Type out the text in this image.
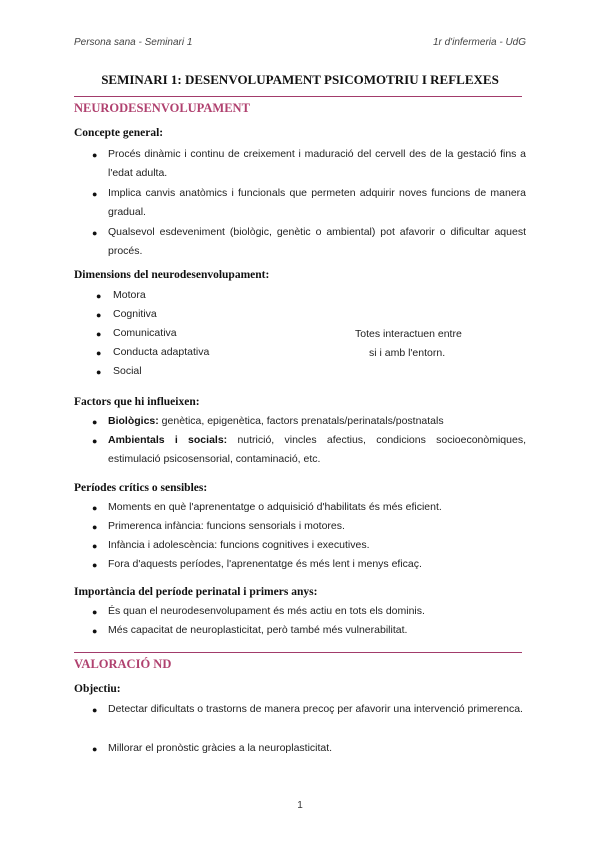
Persona sana - Seminari 1	1r d'infermeria - UdG
SEMINARI 1: DESENVOLUPAMENT PSICOMOTRIU I REFLEXES
NEURODESENVOLUPAMENT
Concepte general:
● Procés dinàmic i continu de creixement i maduració del cervell des de la gestació fins a l'edat adulta.
● Implica canvis anatòmics i funcionals que permeten adquirir noves funcions de manera gradual.
● Qualsevol esdeveniment (biològic, genètic o ambiental) pot afavorir o dificultar aquest procés.
Dimensions del neurodesenvolupament:
● Motora
● Cognitiva
● Comunicativa
● Conducta adaptativa
● Social
Totes interactuen entre
si i amb l'entorn.
Factors que hi influeixen:
● Biològics: genètica, epigenètica, factors prenatals/perinatals/postnatals
● Ambientals i socials: nutrició, vincles afectius, condicions socioeconòmiques, estimulació psicosensorial, contaminació, etc.
Períodes crítics o sensibles:
● Moments en què l'aprenentatge o adquisició d'habilitats és més eficient.
● Primerenca infància: funcions sensorials i motores.
● Infància i adolescència: funcions cognitives i executives.
● Fora d'aquests períodes, l'aprenentatge és més lent i menys eficaç.
Importància del període perinatal i primers anys:
● És quan el neurodesenvolupament és més actiu en tots els dominis.
● Més capacitat de neuroplasticitat, però també més vulnerabilitat.
VALORACIÓ ND
Objectiu:
● Detectar dificultats o trastorns de manera precoç per afavorir una intervenció primerenca.
● Millorar el pronòstic gràcies a la neuroplasticitat.
1
